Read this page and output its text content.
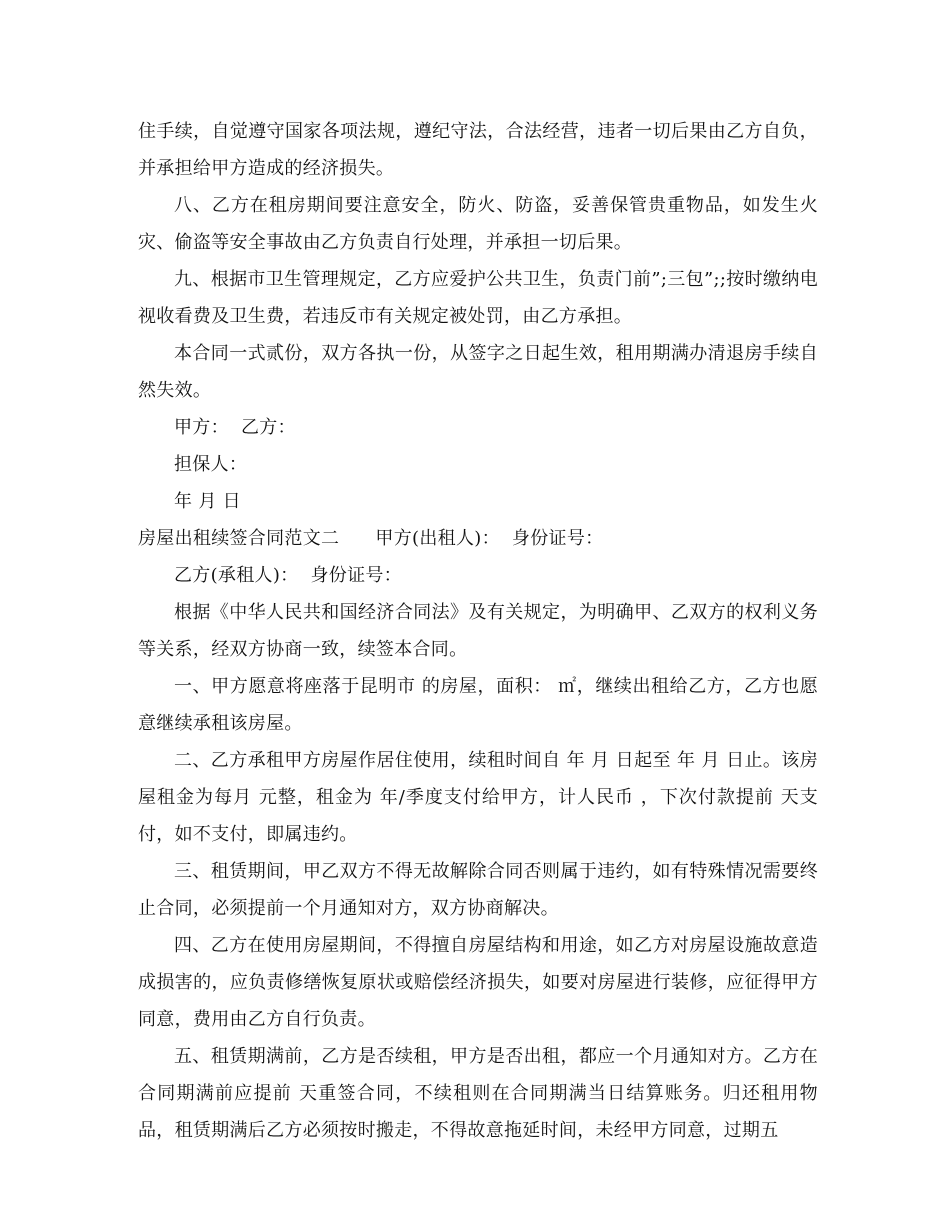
住手续，自觉遵守国家各项法规，遵纪守法，合法经营，违者一切后果由乙方自负，并承担给甲方造成的经济损失。

八、乙方在租房期间要注意安全，防火、防盗，妥善保管贵重物品，如发生火灾、偷盗等安全事故由乙方负责自行处理，并承担一切后果。

九、根据市卫生管理规定，乙方应爱护公共卫生，负责门前”;三包”;;按时缴纳电视收看费及卫生费，若违反市有关规定被处罚，由乙方承担。

本合同一式贰份，双方各执一份，从签字之日起生效，租用期满办清退房手续自然失效。

甲方：  乙方：

担保人：

年 月 日

房屋出租续签合同范文二      甲方(出租人)：  身份证号：

乙方(承租人)：  身份证号：

根据《中华人民共和国经济合同法》及有关规定，为明确甲、乙双方的权利义务等关系，经双方协商一致，续签本合同。

一、甲方愿意将座落于昆明市 的房屋，面积： ㎡，继续出租给乙方，乙方也愿意继续承租该房屋。

二、乙方承租甲方房屋作居住使用，续租时间自 年 月 日起至 年 月 日止。该房屋租金为每月 元整，租金为 年/季度支付给甲方，计人民币 ，下次付款提前 天支付，如不支付，即属违约。

三、租赁期间，甲乙双方不得无故解除合同否则属于违约，如有特殊情况需要终止合同，必须提前一个月通知对方，双方协商解决。

四、乙方在使用房屋期间，不得擅自房屋结构和用途，如乙方对房屋设施故意造成损害的，应负责修缮恢复原状或赔偿经济损失，如要对房屋进行装修，应征得甲方同意，费用由乙方自行负责。

五、租赁期满前，乙方是否续租，甲方是否出租，都应一个月通知对方。乙方在合同期满前应提前 天重签合同，不续租则在合同期满当日结算账务。归还租用物品，租赁期满后乙方必须按时搬走，不得故意拖延时间，未经甲方同意，过期五
